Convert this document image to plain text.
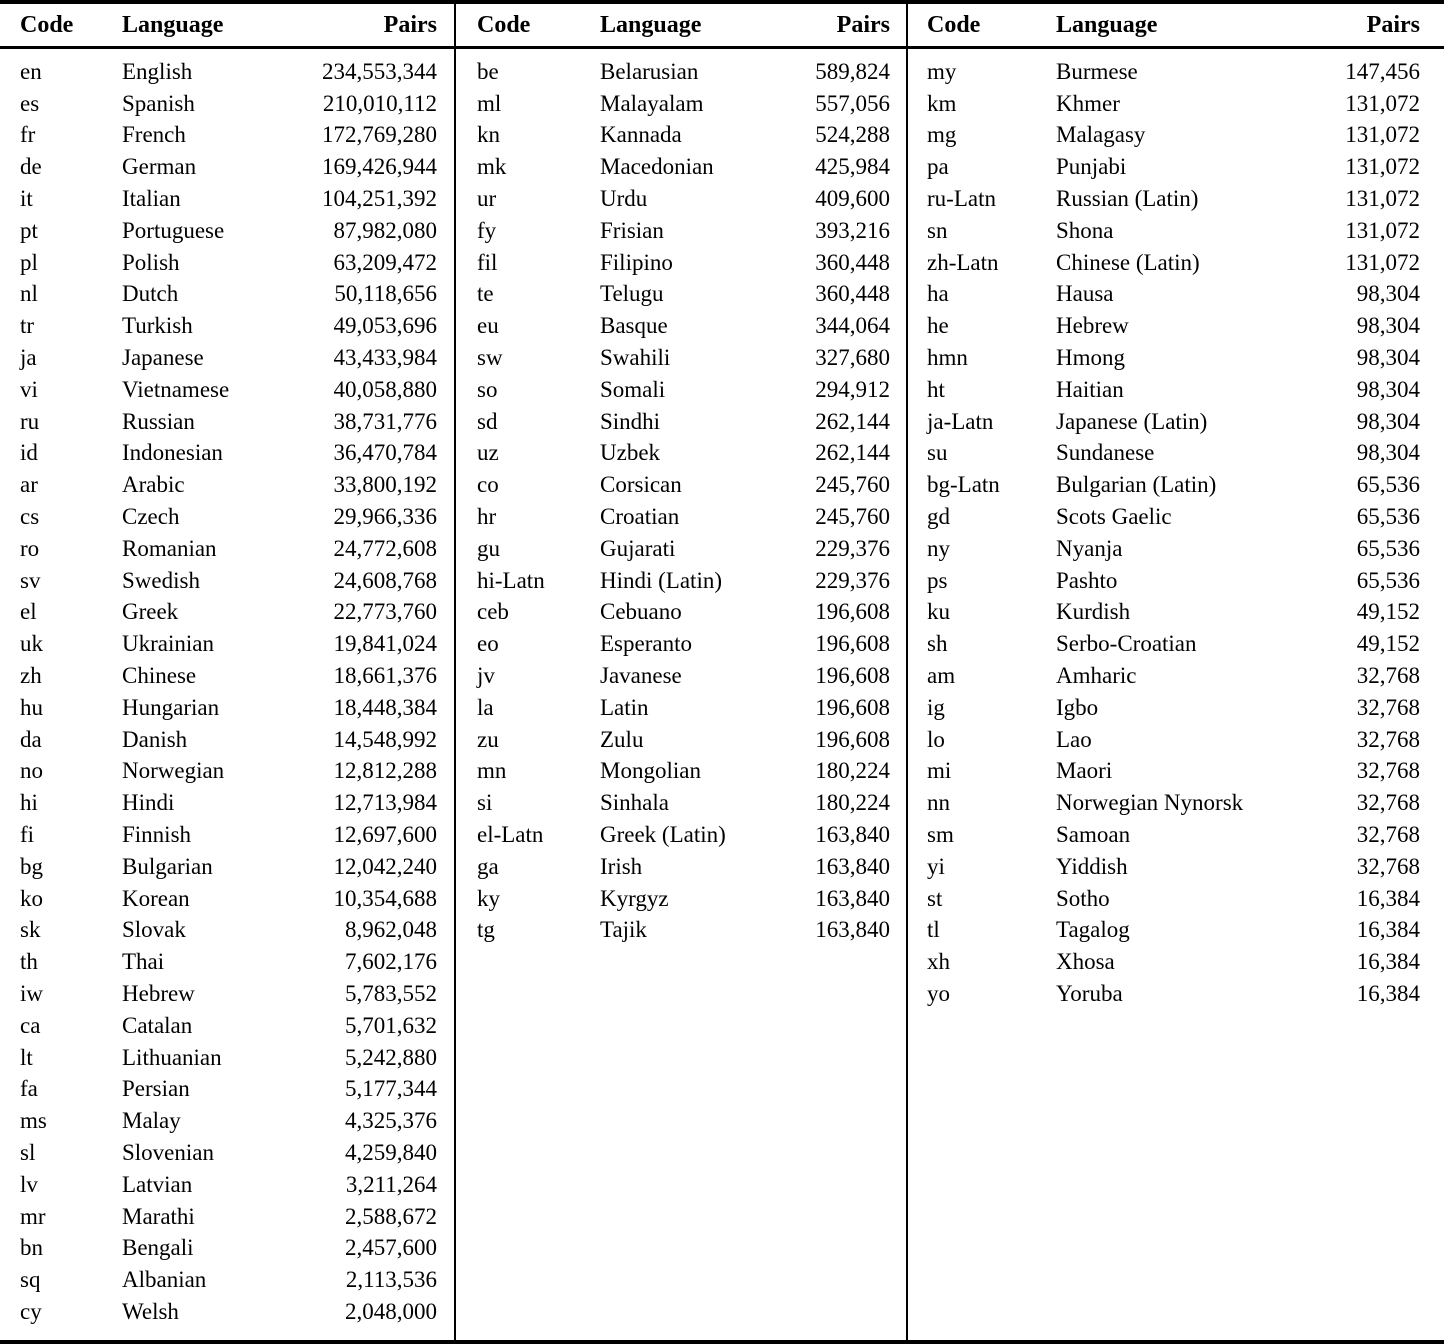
Code	Language	Pairs
en	English	234,553,344
es	Spanish	210,010,112
fr	French	172,769,280
de	German	169,426,944
it	Italian	104,251,392
pt	Portuguese	87,982,080
pl	Polish	63,209,472
nl	Dutch	50,118,656
tr	Turkish	49,053,696
ja	Japanese	43,433,984
vi	Vietnamese	40,058,880
ru	Russian	38,731,776
id	Indonesian	36,470,784
ar	Arabic	33,800,192
cs	Czech	29,966,336
ro	Romanian	24,772,608
sv	Swedish	24,608,768
el	Greek	22,773,760
uk	Ukrainian	19,841,024
zh	Chinese	18,661,376
hu	Hungarian	18,448,384
da	Danish	14,548,992
no	Norwegian	12,812,288
hi	Hindi	12,713,984
fi	Finnish	12,697,600
bg	Bulgarian	12,042,240
ko	Korean	10,354,688
sk	Slovak	8,962,048
th	Thai	7,602,176
iw	Hebrew	5,783,552
ca	Catalan	5,701,632
lt	Lithuanian	5,242,880
fa	Persian	5,177,344
ms	Malay	4,325,376
sl	Slovenian	4,259,840
lv	Latvian	3,211,264
mr	Marathi	2,588,672
bn	Bengali	2,457,600
sq	Albanian	2,113,536
cy	Welsh	2,048,000
Code	Language	Pairs
be	Belarusian	589,824
ml	Malayalam	557,056
kn	Kannada	524,288
mk	Macedonian	425,984
ur	Urdu	409,600
fy	Frisian	393,216
fil	Filipino	360,448
te	Telugu	360,448
eu	Basque	344,064
sw	Swahili	327,680
so	Somali	294,912
sd	Sindhi	262,144
uz	Uzbek	262,144
co	Corsican	245,760
hr	Croatian	245,760
gu	Gujarati	229,376
hi-Latn	Hindi (Latin)	229,376
ceb	Cebuano	196,608
eo	Esperanto	196,608
jv	Javanese	196,608
la	Latin	196,608
zu	Zulu	196,608
mn	Mongolian	180,224
si	Sinhala	180,224
el-Latn	Greek (Latin)	163,840
ga	Irish	163,840
ky	Kyrgyz	163,840
tg	Tajik	163,840
Code	Language	Pairs
my	Burmese	147,456
km	Khmer	131,072
mg	Malagasy	131,072
pa	Punjabi	131,072
ru-Latn	Russian (Latin)	131,072
sn	Shona	131,072
zh-Latn	Chinese (Latin)	131,072
ha	Hausa	98,304
he	Hebrew	98,304
hmn	Hmong	98,304
ht	Haitian	98,304
ja-Latn	Japanese (Latin)	98,304
su	Sundanese	98,304
bg-Latn	Bulgarian (Latin)	65,536
gd	Scots Gaelic	65,536
ny	Nyanja	65,536
ps	Pashto	65,536
ku	Kurdish	49,152
sh	Serbo-Croatian	49,152
am	Amharic	32,768
ig	Igbo	32,768
lo	Lao	32,768
mi	Maori	32,768
nn	Norwegian Nynorsk	32,768
sm	Samoan	32,768
yi	Yiddish	32,768
st	Sotho	16,384
tl	Tagalog	16,384
xh	Xhosa	16,384
yo	Yoruba	16,384
